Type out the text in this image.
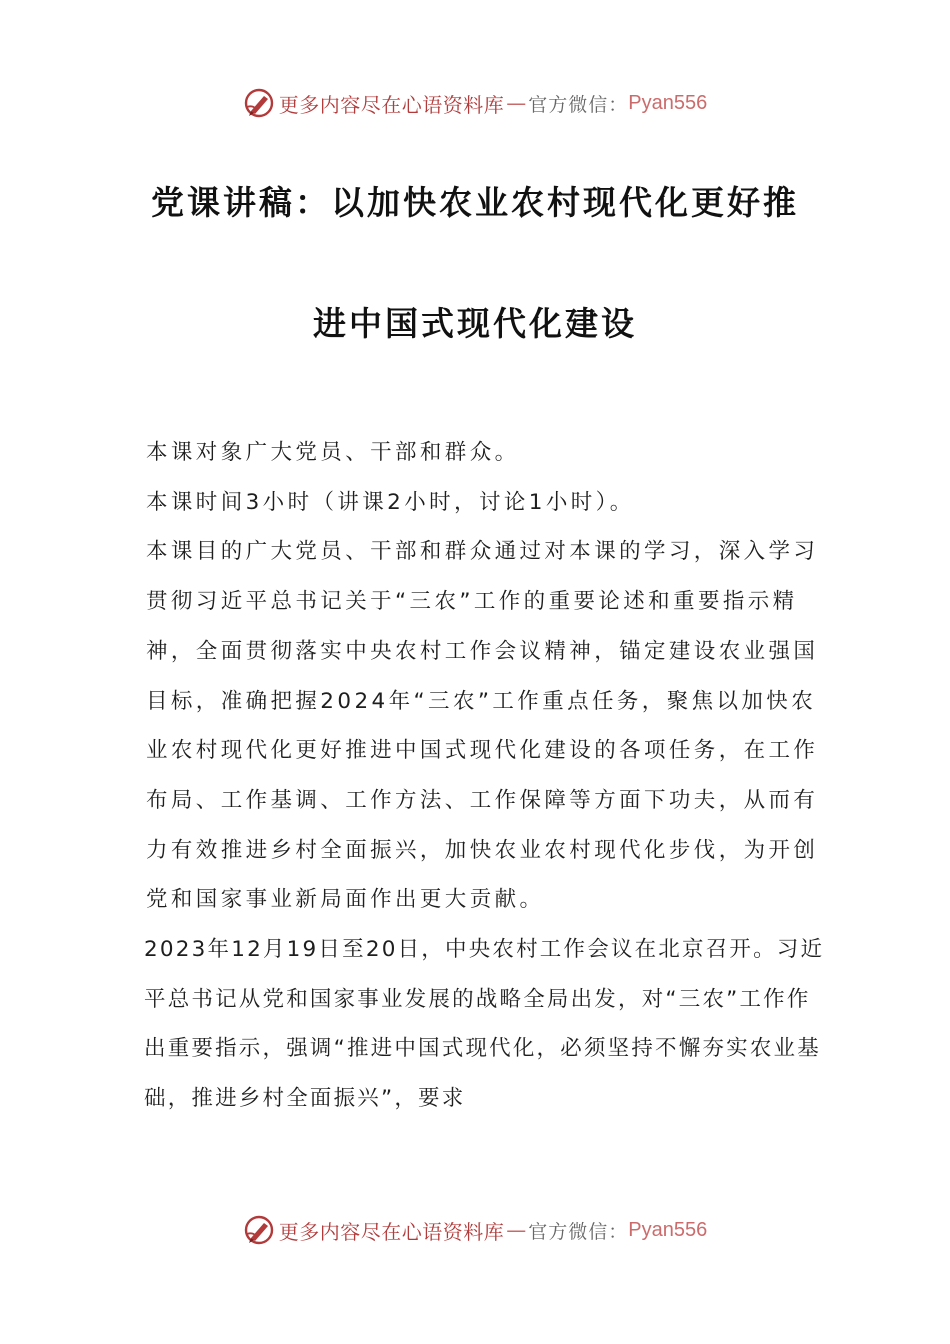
更多内容尽在心语资料库 — 官方微信： Pyan556
党课讲稿：以加快农业农村现代化更好推
进中国式现代化建设

本课对象广大党员、干部和群众。

本课时间3小时（讲课2小时，讨论1小时）。

本课目的广大党员、干部和群众通过对本课的学习，深入学习贯彻习近平总书记关于“三农”工作的重要论述和重要指示精神，全面贯彻落实中央农村工作会议精神，锚定建设农业强国目标，准确把握2024年“三农”工作重点任务，聚焦以加快农业农村现代化更好推进中国式现代化建设的各项任务，在工作布局、工作基调、工作方法、工作保障等方面下功夫，从而有力有效推进乡村全面振兴，加快农业农村现代化步伐，为开创党和国家事业新局面作出更大贡献。

2023年12月19日至20日，中央农村工作会议在北京召开。习近平总书记从党和国家事业发展的战略全局出发，对“三农”工作作出重要指示，强调“推进中国式现代化，必须坚持不懈夯实农业基础，推进乡村全面振兴”，要求

更多内容尽在心语资料库 — 官方微信： Pyan556
